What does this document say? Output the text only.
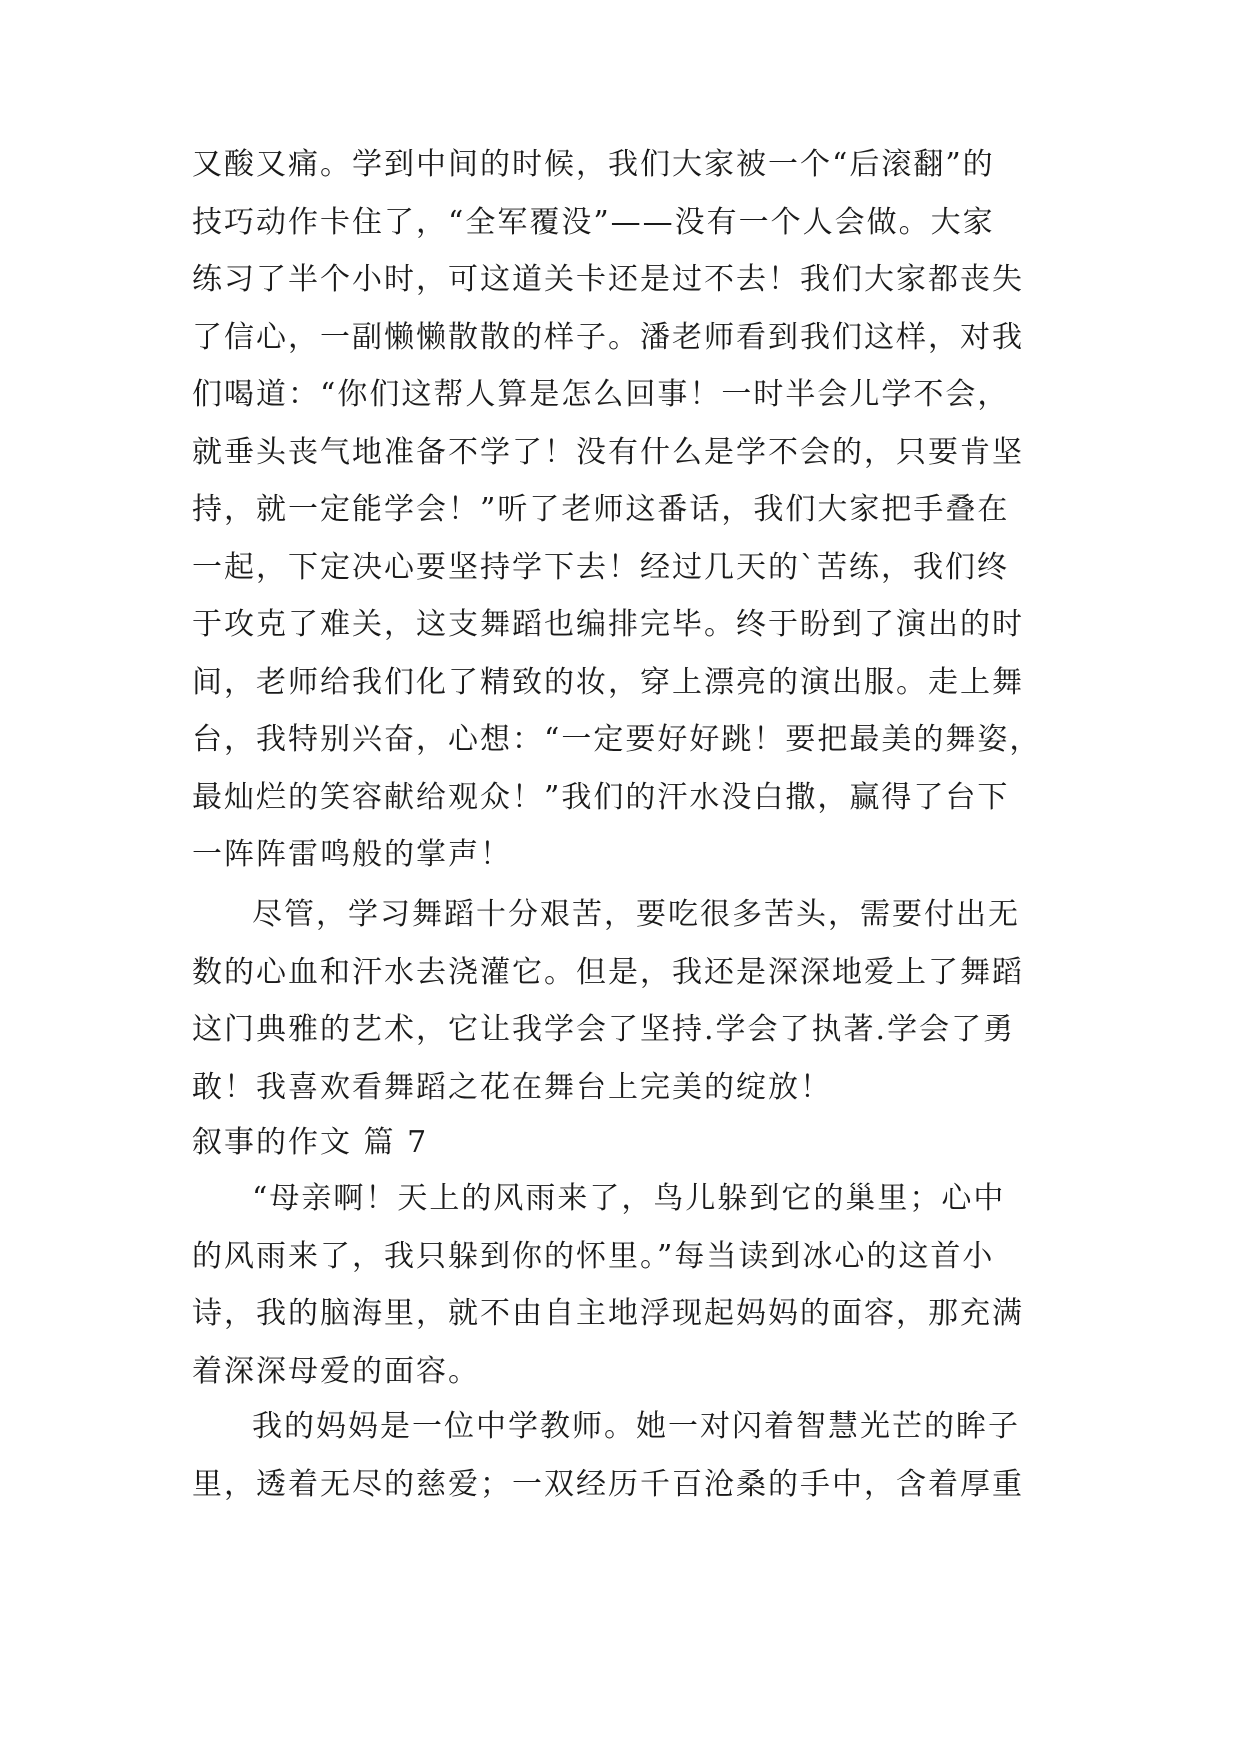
又酸又痛。学到中间的时候，我们大家被一个“后滚翻”的
技巧动作卡住了，“全军覆没”——没有一个人会做。大家
练习了半个小时，可这道关卡还是过不去！我们大家都丧失
了信心，一副懒懒散散的样子。潘老师看到我们这样，对我
们喝道：“你们这帮人算是怎么回事！一时半会儿学不会，
就垂头丧气地准备不学了！没有什么是学不会的，只要肯坚
持，就一定能学会！”听了老师这番话，我们大家把手叠在
一起，下定决心要坚持学下去！经过几天的`苦练，我们终
于攻克了难关，这支舞蹈也编排完毕。终于盼到了演出的时
间，老师给我们化了精致的妆，穿上漂亮的演出服。走上舞
台，我特别兴奋，心想：“一定要好好跳！要把最美的舞姿，
最灿烂的笑容献给观众！”我们的汗水没白撒，赢得了台下
一阵阵雷鸣般的掌声！
尽管，学习舞蹈十分艰苦，要吃很多苦头，需要付出无
数的心血和汗水去浇灌它。但是，我还是深深地爱上了舞蹈
这门典雅的艺术，它让我学会了坚持.学会了执著.学会了勇
敢！我喜欢看舞蹈之花在舞台上完美的绽放！
叙事的作文 篇 7
“母亲啊！天上的风雨来了，鸟儿躲到它的巢里；心中
的风雨来了，我只躲到你的怀里。”每当读到冰心的这首小
诗，我的脑海里，就不由自主地浮现起妈妈的面容，那充满
着深深母爱的面容。
我的妈妈是一位中学教师。她一对闪着智慧光芒的眸子
里，透着无尽的慈爱；一双经历千百沧桑的手中，含着厚重
